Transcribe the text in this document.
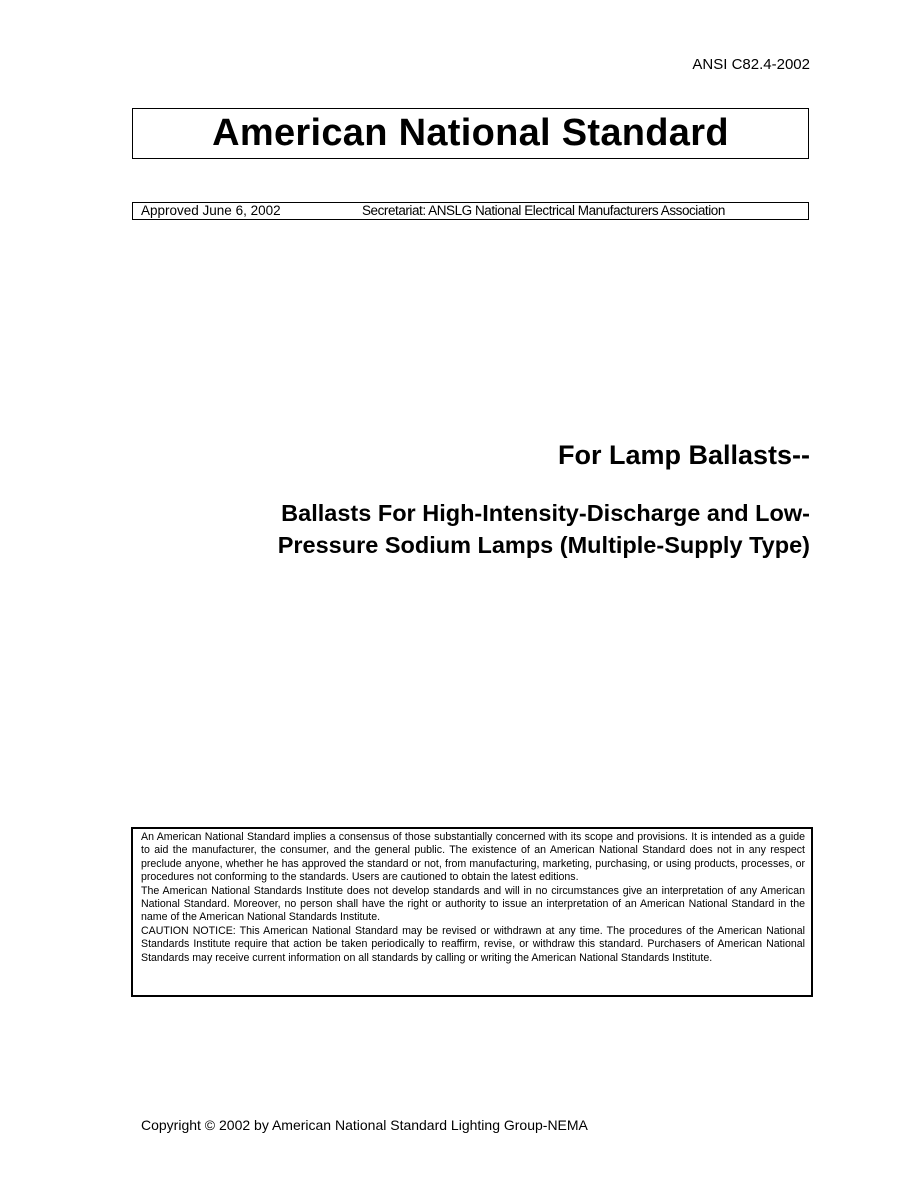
ANSI C82.4-2002
American National Standard
Approved June 6, 2002	Secretariat: ANSLG National Electrical Manufacturers Association
For Lamp Ballasts--
Ballasts For High-Intensity-Discharge and Low-
Pressure Sodium Lamps (Multiple-Supply Type)

An American National Standard implies a consensus of those substantially concerned with its scope and provisions. It is intended as a guide to aid the manufacturer, the consumer, and the general public. The existence of an American National Standard does not in any respect preclude anyone, whether he has approved the standard or not, from manufacturing, marketing, purchasing, or using products, processes, or procedures not conforming to the standards. Users are cautioned to obtain the latest editions.

The American National Standards Institute does not develop standards and will in no circumstances give an interpretation of any American National Standard. Moreover, no person shall have the right or authority to issue an interpretation of an American National Standard in the name of the American National Standards Institute.

CAUTION NOTICE: This American National Standard may be revised or withdrawn at any time. The procedures of the American National Standards Institute require that action be taken periodically to reaffirm, revise, or withdraw this standard. Purchasers of American National Standards may receive current information on all standards by calling or writing the American National Standards Institute.

Copyright © 2002 by American National Standard Lighting Group-NEMA
